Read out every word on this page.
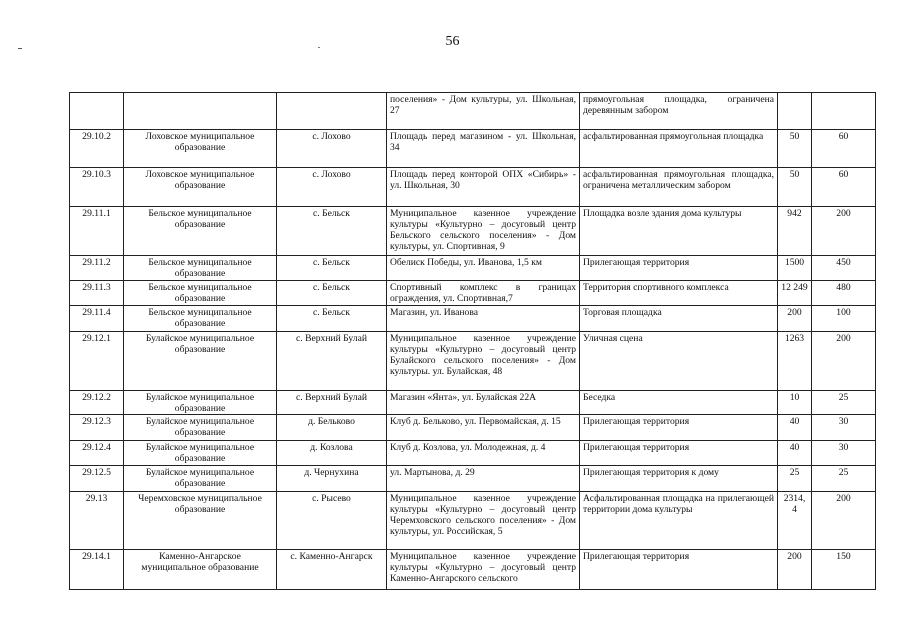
56
			поселения» - Дом культуры, ул. Школьная, 27	прямоугольная площадка, ограничена деревянным забором		
29.10.2	Лоховское муниципальное образование	с. Лохово	Площадь перед магазином - ул. Школьная, 34	асфальтированная прямоугольная площадка	50	60
29.10.3	Лоховское муниципальное образование	с. Лохово	Площадь перед конторой ОПХ «Сибирь» - ул. Школьная, 30	асфальтированная прямоугольная площадка, ограничена металлическим забором	50	60
29.11.1	Бельское муниципальное образование	с. Бельск	Муниципальное казенное учреждение культуры «Культурно – досуговый центр Бельского сельского поселения» - Дом культуры, ул. Спортивная, 9	Площадка возле здания дома культуры	942	200
29.11.2	Бельское муниципальное образование	с. Бельск	Обелиск Победы, ул. Иванова, 1,5 км	Прилегающая территория	1500	450
29.11.3	Бельское муниципальное образование	с. Бельск	Спортивный комплекс в границах ограждения, ул. Спортивная,7	Территория спортивного комплекса	12 249	480
29.11.4	Бельское муниципальное образование	с. Бельск	Магазин, ул. Иванова	Торговая площадка	200	100
29.12.1	Булайское муниципальное образование	с. Верхний Булай	Муниципальное казенное учреждение культуры «Культурно – досуговый центр Булайского сельского поселения» - Дом культуры. ул. Булайская, 48	Уличная сцена	1263	200
29.12.2	Булайское муниципальное образование	с. Верхний Булай	Магазин «Янта», ул. Булайская 22А	Беседка	10	25
29.12.3	Булайское муниципальное образование	д. Бельково	Клуб д. Бельково, ул. Первомайская, д. 15	Прилегающая территория	40	30
29.12.4	Булайское муниципальное образование	д. Козлова	Клуб д. Козлова, ул. Молодежная, д. 4	Прилегающая территория	40	30
29.12.5	Булайское муниципальное образование	д. Чернухина	ул. Мартынова, д. 29	Прилегающая территория к дому	25	25
29.13	Черемховское муниципальное образование	с. Рысево	Муниципальное казенное учреждение культуры «Культурно – досуговый центр Черемховского сельского поселения» - Дом культуры, ул. Российская, 5	Асфальтированная площадка на прилегающей территории дома культуры	2314, 4	200
29.14.1	Каменно-Ангарское муниципальное образование	с. Каменно-Ангарск	Муниципальное казенное учреждение культуры «Культурно – досуговый центр Каменно-Ангарского сельского	Прилегающая территория	200	150
